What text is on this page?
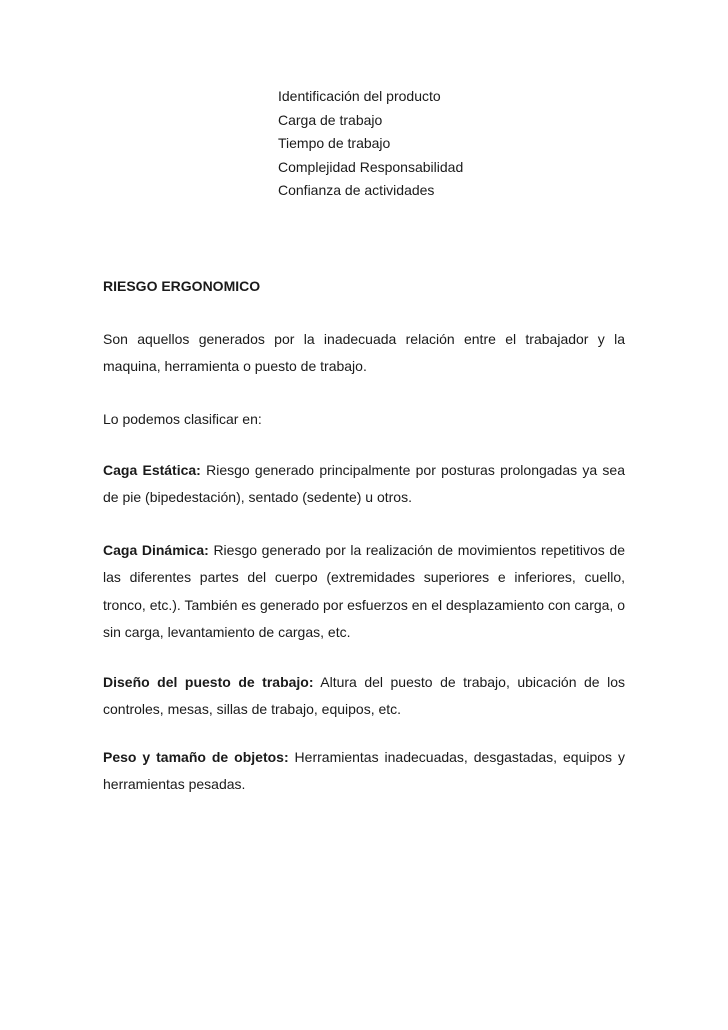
Identificación del producto
Carga de trabajo
Tiempo de trabajo
Complejidad Responsabilidad
Confianza de actividades
RIESGO ERGONOMICO

Son aquellos generados por la inadecuada relación entre el trabajador y la maquina, herramienta o puesto de trabajo.

Lo podemos clasificar en:

Caga Estática: Riesgo generado principalmente por posturas prolongadas ya sea de pie (bipedestación), sentado (sedente) u otros.

Caga Dinámica: Riesgo generado por la realización de movimientos repetitivos de las diferentes partes del cuerpo (extremidades superiores e inferiores, cuello, tronco, etc.). También es generado por esfuerzos en el desplazamiento con carga, o sin carga, levantamiento de cargas, etc.

Diseño del puesto de trabajo: Altura del puesto de trabajo, ubicación de los controles, mesas, sillas de trabajo, equipos, etc.

Peso y tamaño de objetos: Herramientas inadecuadas, desgastadas, equipos y herramientas pesadas.
